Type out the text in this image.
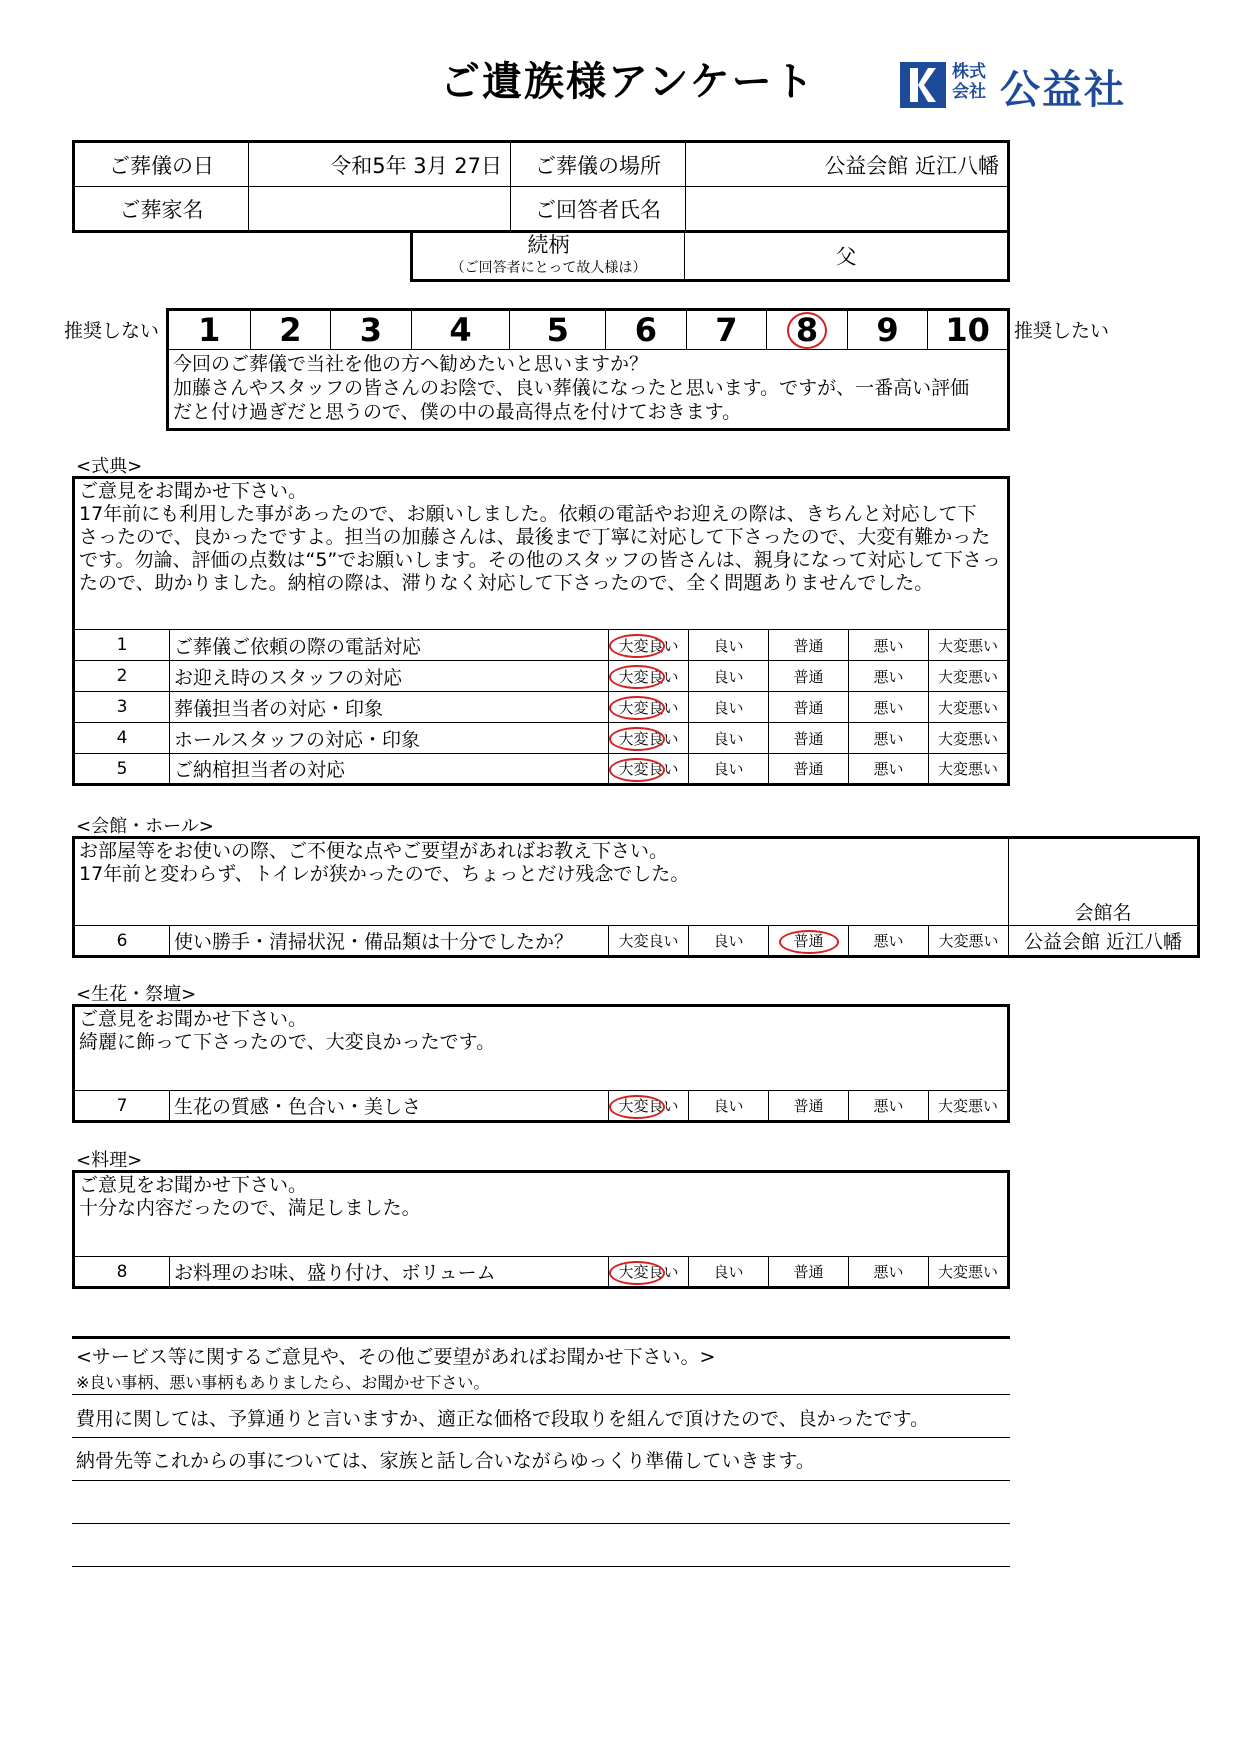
ご遺族様アンケート	株式
会社 公益社
ご葬儀の日	令和5年 3月 27日	ご葬儀の場所	公益会館 近江八幡
ご葬家名		ご回答者氏名	
続柄
（ご回答者にとって故人様は）	父
推奨しない	推奨したい
1	2	3	4	5	6	7	8	9	10

今回のご葬儀で当社を他の方へ勧めたいと思いますか？
加藤さんやスタッフの皆さんのお陰で、良い葬儀になったと思います。ですが、一番高い評価
だと付け過ぎだと思うので、僕の中の最高得点を付けておきます。
<式典>
ご意見をお聞かせ下さい。
17年前にも利用した事があったので、お願いしました。依頼の電話やお迎えの際は、きちんと対応して下
さったので、良かったですよ。担当の加藤さんは、最後まで丁寧に対応して下さったので、大変有難かった
です。勿論、評価の点数は“5”でお願いします。その他のスタッフの皆さんは、親身になって対応して下さっ
たので、助かりました。納棺の際は、滞りなく対応して下さったので、全く問題ありませんでした。						

1	ご葬儀ご依頼の際の電話対応	大変良い	良い	普通	悪い	大変悪い
2	お迎え時のスタッフの対応	大変良い	良い	普通	悪い	大変悪い
3	葬儀担当者の対応・印象	大変良い	良い	普通	悪い	大変悪い
4	ホールスタッフの対応・印象	大変良い	良い	普通	悪い	大変悪い
5	ご納棺担当者の対応	大変良い	良い	普通	悪い	大変悪い
<会館・ホール>
お部屋等をお使いの際、ご不便な点やご要望があればお教え下さい。
17年前と変わらず、トイレが狭かったので、ちょっとだけ残念でした。							会館名
6	使い勝手・清掃状況・備品類は十分でしたか？	大変良い	良い	普通	悪い	大変悪い	公益会館 近江八幡
<生花・祭壇>
ご意見をお聞かせ下さい。
綺麗に飾って下さったので、大変良かったです。

7	生花の質感・色合い・美しさ	大変良い	良い	普通	悪い	大変悪い
<料理>
ご意見をお聞かせ下さい。
十分な内容だったので、満足しました。

8	お料理のお味、盛り付け、ボリューム	大変良い	良い	普通	悪い	大変悪い
<サービス等に関するご意見や、その他ご要望があればお聞かせ下さい。>
※良い事柄、悪い事柄もありましたら、お聞かせ下さい。
費用に関しては、予算通りと言いますか、適正な価格で段取りを組んで頂けたので、良かったです。
納骨先等これからの事については、家族と話し合いながらゆっくり準備していきます。
